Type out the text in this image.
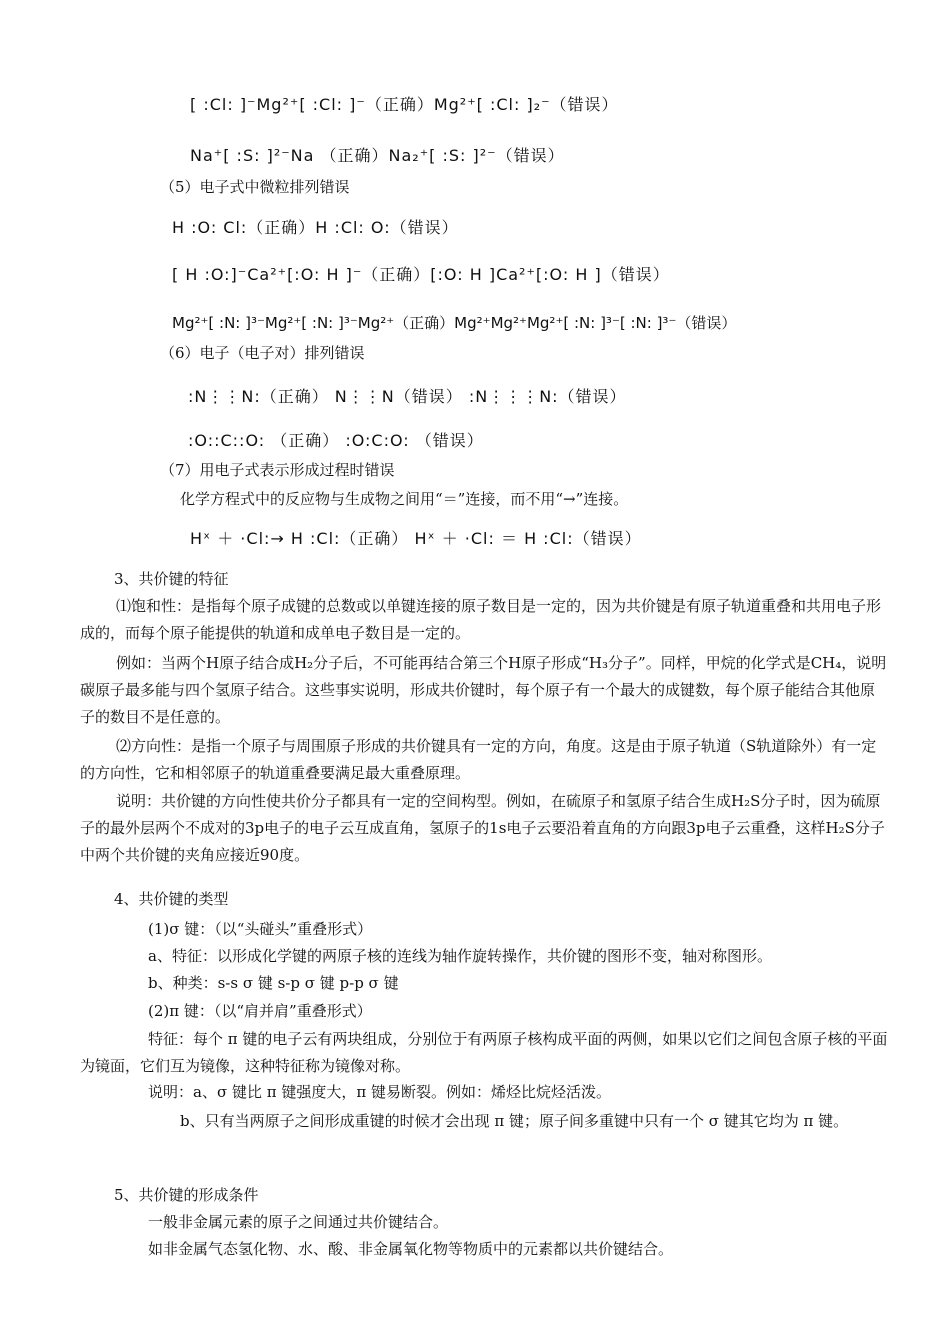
[ :Cl: ]⁻Mg²⁺[ :Cl: ]⁻（正确）Mg²⁺[ :Cl: ]₂⁻（错误）
Na⁺[ :S: ]²⁻Na （正确）Na₂⁺[ :S: ]²⁻（错误）
（5）电子式中微粒排列错误
H :O: Cl:（正确）H :Cl: O:（错误）
[ H :O:]⁻Ca²⁺[:O: H ]⁻（正确）[:O: H ]Ca²⁺[:O: H ]（错误）
Mg²⁺[ :N: ]³⁻Mg²⁺[ :N: ]³⁻Mg²⁺（正确）Mg²⁺Mg²⁺Mg²⁺[ :N: ]³⁻[ :N: ]³⁻（错误）
（6）电子（电子对）排列错误
:N⋮⋮N:（正确） N⋮⋮N（错误） :N⋮⋮⋮N:（错误）
:O::C::O: （正确） :O:C:O: （错误）
（7）用电子式表示形成过程时错误
化学方程式中的反应物与生成物之间用“＝”连接，而不用“→”连接。
Hˣ ＋ ·Cl:→ H :Cl:（正确） Hˣ ＋ ·Cl: ＝ H :Cl:（错误）
3、共价键的特征
⑴饱和性：是指每个原子成键的总数或以单键连接的原子数目是一定的，因为共价键是有原子轨道重叠和共用电子形成的，而每个原子能提供的轨道和成单电子数目是一定的。
例如：当两个H原子结合成H₂分子后，不可能再结合第三个H原子形成“H₃分子”。同样，甲烷的化学式是CH₄，说明碳原子最多能与四个氢原子结合。这些事实说明，形成共价键时，每个原子有一个最大的成键数，每个原子能结合其他原子的数目不是任意的。
⑵方向性：是指一个原子与周围原子形成的共价键具有一定的方向，角度。这是由于原子轨道（S轨道除外）有一定的方向性，它和相邻原子的轨道重叠要满足最大重叠原理。
说明：共价键的方向性使共价分子都具有一定的空间构型。例如，在硫原子和氢原子结合生成H₂S分子时，因为硫原子的最外层两个不成对的3p电子的电子云互成直角，氢原子的1s电子云要沿着直角的方向跟3p电子云重叠，这样H₂S分子中两个共价键的夹角应接近90度。
4、共价键的类型
(1)σ 键：（以“头碰头”重叠形式）
a、特征：以形成化学键的两原子核的连线为轴作旋转操作，共价键的图形不变，轴对称图形。
b、种类：s-s σ 键 s-p σ 键 p-p σ 键
(2)π 键：（以“肩并肩”重叠形式）
特征：每个 π 键的电子云有两块组成，分别位于有两原子核构成平面的两侧，如果以它们之间包含原子核的平面为镜面，它们互为镜像，这种特征称为镜像对称。
说明：a、σ 键比 π 键强度大，π 键易断裂。例如：烯烃比烷烃活泼。
b、只有当两原子之间形成重键的时候才会出现 π 键；原子间多重键中只有一个 σ 键其它均为 π 键。
5、共价键的形成条件
一般非金属元素的原子之间通过共价键结合。
如非金属气态氢化物、水、酸、非金属氧化物等物质中的元素都以共价键结合。
